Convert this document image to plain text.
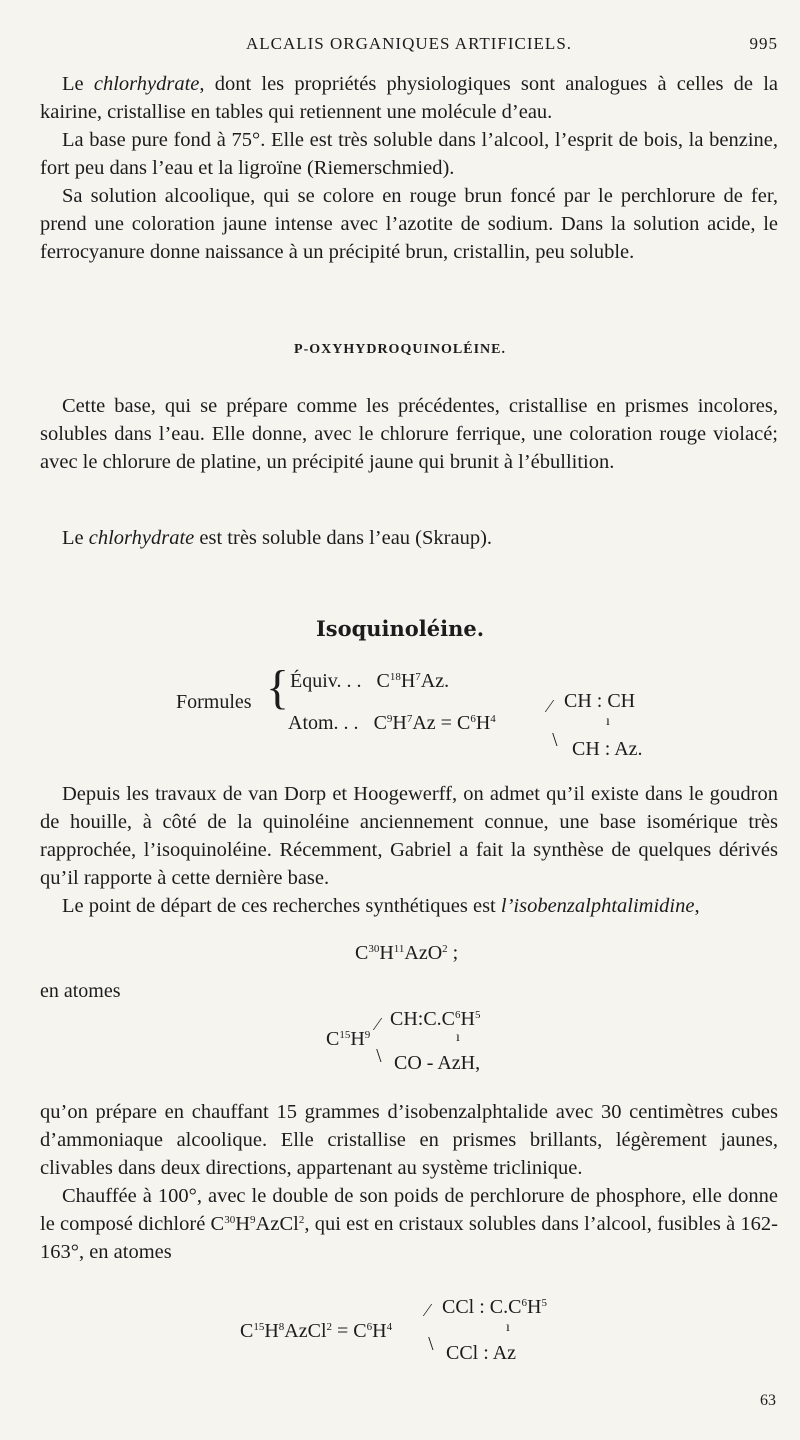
ALCALIS ORGANIQUES ARTIFICIELS.	995

Le chlorhydrate, dont les propriétés physiologiques sont analogues à celles de la kairine, cristallise en tables qui retiennent une molécule d’eau.

La base pure fond à 75°. Elle est très soluble dans l’alcool, l’esprit de bois, la benzine, fort peu dans l’eau et la ligroïne (Riemerschmied).

Sa solution alcoolique, qui se colore en rouge brun foncé par le perchlorure de fer, prend une coloration jaune intense avec l’azotite de sodium. Dans la solution acide, le ferrocyanure donne naissance à un précipité brun, cristallin, peu soluble.

P-OXYHYDROQUINOLÉINE.

Cette base, qui se prépare comme les précédentes, cristallise en prismes incolores, solubles dans l’eau. Elle donne, avec le chlorure ferrique, une coloration rouge violacé; avec le chlorure de platine, un précipité jaune qui brunit à l’ébullition.

Le chlorhydrate est très soluble dans l’eau (Skraup).

Isoquinoléine.
Formules { Équiv. . .   $C^{18}H^7Az$.
Atom. . .   $C^9H^7Az = C^6H^4$
⁄ CH : CH
ı
⧵ CH : Az.

Depuis les travaux de van Dorp et Hoogewerff, on admet qu’il existe dans le goudron de houille, à côté de la quinoléine anciennement connue, une base isomérique très rapprochée, l’isoquinoléine. Récemment, Gabriel a fait la synthèse de quelques dérivés qu’il rapporte à cette dernière base.

Le point de départ de ces recherches synthétiques est l’isobenzalphtalimidine,

$C^{30}H^{11}AzO^2$ ;
en atomes
$C^{15}H^9$
⁄ $CH:C.C^6H^5$
ı
⧵ CO - AzH,

qu’on prépare en chauffant 15 grammes d’isobenzalphtalide avec 30 centimètres cubes d’ammoniaque alcoolique. Elle cristallise en prismes brillants, légèrement jaunes, clivables dans deux directions, appartenant au système triclinique.

Chauffée à 100°, avec le double de son poids de perchlorure de phosphore, elle donne le composé dichloré $C^{30}H^9AzCl^2$, qui est en cristaux solubles dans l’alcool, fusibles à 162-163°, en atomes

$C^{15}H^8AzCl^2 = C^6H^4$
⁄ CCl : $C.C^6H^5$
ı
⧵ CCl : Az
63
